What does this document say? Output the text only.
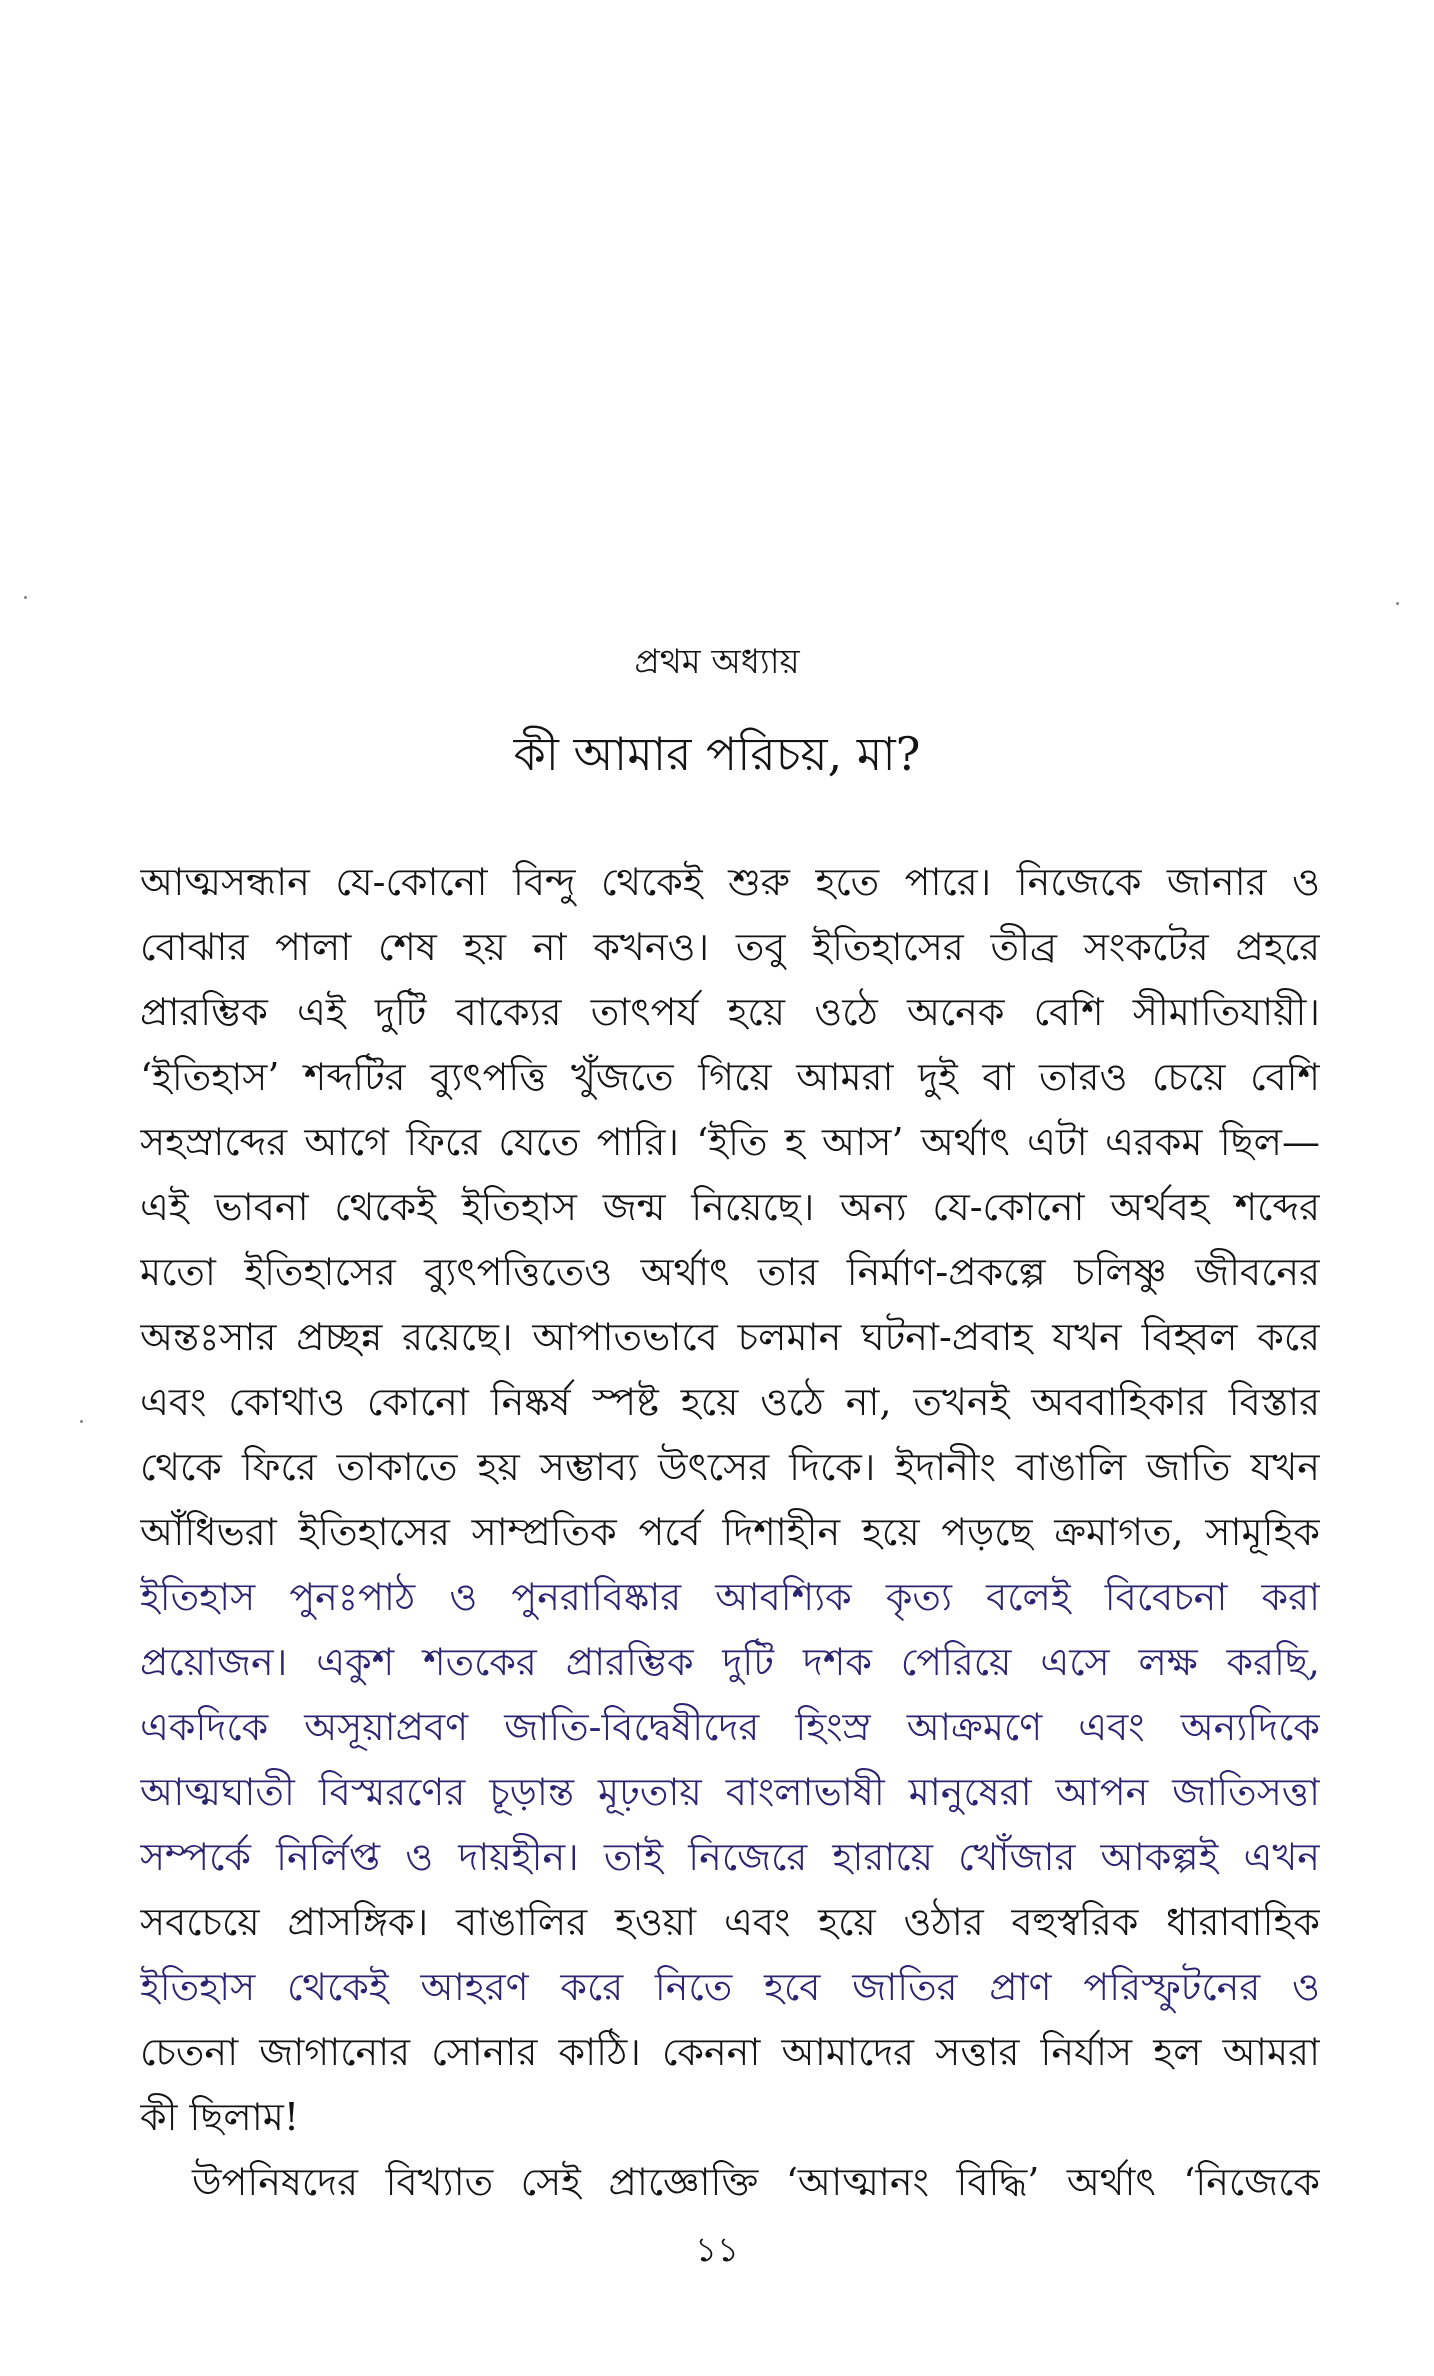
প্রথম অধ্যায়
কী আমার পরিচয়, মা?
আত্মসন্ধান যে-কোনো বিন্দু থেকেই শুরু হতে পারে। নিজেকে জানার ও
বোঝার পালা শেষ হয় না কখনও। তবু ইতিহাসের তীব্র সংকটের প্রহরে
প্রারম্ভিক এই দুটি বাক্যের তাৎপর্য হয়ে ওঠে অনেক বেশি সীমাতিযায়ী।
‘ইতিহাস’ শব্দটির ব্যুৎপত্তি খুঁজতে গিয়ে আমরা দুই বা তারও চেয়ে বেশি
সহস্রাব্দের আগে ফিরে যেতে পারি। ‘ইতি হ আস’ অর্থাৎ এটা এরকম ছিল—
এই ভাবনা থেকেই ইতিহাস জন্ম নিয়েছে। অন্য যে-কোনো অর্থবহ শব্দের
মতো ইতিহাসের ব্যুৎপত্তিতেও অর্থাৎ তার নির্মাণ-প্রকল্পে চলিষ্ণু জীবনের
অন্তঃসার প্রচ্ছন্ন রয়েছে। আপাতভাবে চলমান ঘটনা-প্রবাহ যখন বিহ্বল করে
এবং কোথাও কোনো নিষ্কর্ষ স্পষ্ট হয়ে ওঠে না, তখনই অববাহিকার বিস্তার
থেকে ফিরে তাকাতে হয় সম্ভাব্য উৎসের দিকে। ইদানীং বাঙালি জাতি যখন
আঁধিভরা ইতিহাসের সাম্প্রতিক পর্বে দিশাহীন হয়ে পড়ছে ক্রমাগত, সামূহিক
ইতিহাস পুনঃপাঠ ও পুনরাবিষ্কার আবশ্যিক কৃত্য বলেই বিবেচনা করা
প্রয়োজন। একুশ শতকের প্রারম্ভিক দুটি দশক পেরিয়ে এসে লক্ষ করছি,
একদিকে অসূয়াপ্রবণ জাতি-বিদ্বেষীদের হিংস্র আক্রমণে এবং অন্যদিকে
আত্মঘাতী বিস্মরণের চূড়ান্ত মূঢ়তায় বাংলাভাষী মানুষেরা আপন জাতিসত্তা
সম্পর্কে নির্লিপ্ত ও দায়হীন। তাই নিজেরে হারায়ে খোঁজার আকল্পই এখন
সবচেয়ে প্রাসঙ্গিক। বাঙালির হওয়া এবং হয়ে ওঠার বহুস্বরিক ধারাবাহিক
ইতিহাস থেকেই আহরণ করে নিতে হবে জাতির প্রাণ পরিস্ফুটনের ও
চেতনা জাগানোর সোনার কাঠি। কেননা আমাদের সত্তার নির্যাস হল আমরা
কী ছিলাম!
উপনিষদের বিখ্যাত সেই প্রাজ্ঞোক্তি ‘আত্মানং বিদ্ধি’ অর্থাৎ ‘নিজেকে
১১
